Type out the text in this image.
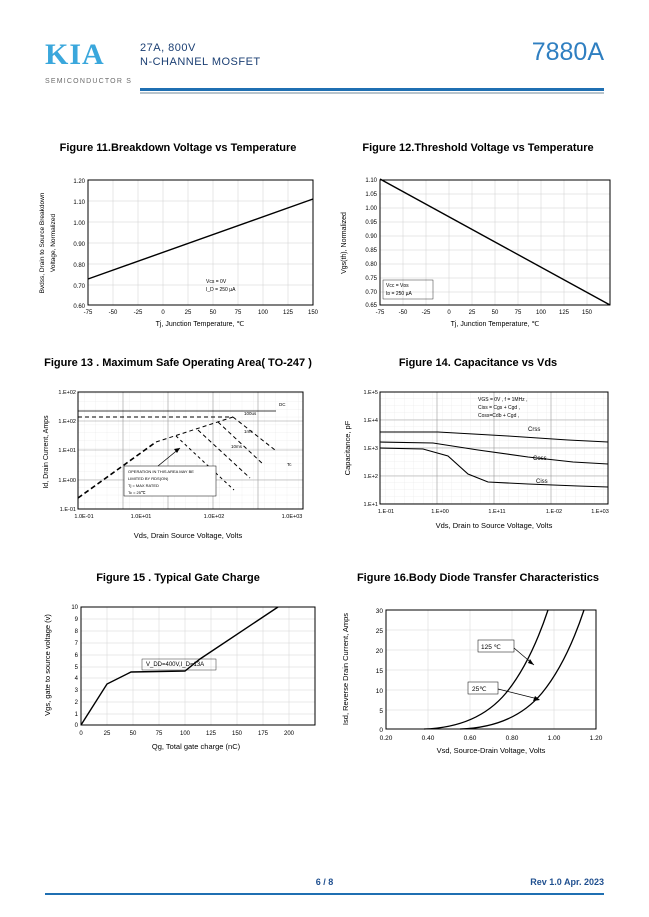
KIA
SEMICONDUCTOR S
27A, 800V
N-CHANNEL MOSFET	7880A
Figure 11.Breakdown Voltage vs Temperature
1.20
1.10
1.00
0.90
0.80
0.70
0.60
-75	-50	-25	0	25	50	75	100 125 150
Tj, Junction Temperature, ℃
Bvdss, Drain to Source Breakdown Voltage, Normalized
Vᴄs = 0V
I_D = 250 µA
Figure 12.Threshold Voltage vs Temperature
1.10
1.05
1.00
0.95
0.90
0.85
0.80
0.75
0.70
0.65
-75 -50 -25	0	25	50	75 100 125 150
Tj, Junction Temperature, ℃
Vgs(th), Normalized
Vᴄᴄ = Vᴅs
Iᴅ = 250 µA
Figure 13 . Maximum Safe Operating Area( TO-247 )
1.E+02
1.E+02
1.E+01
1.E+00
1.E-01
1.0E-01	1.0E+01	1.0E+02	1.0E+03
Vds, Drain Source Voltage, Volts
Id, Drain Current, Amps
100us
1ms
10ms
DC
Tc
OPERATION IN THIS AREA MAY BE
LIMITED BY RDS(ON)
Tj = MAX RATED
Tc = 25℃
Figure 14. Capacitance vs Vds
1.E+5
1.E+4
1.E+3
1.E+2
1.E+1
1.E-01	1.E+00	1.E+11	1.E-02	1.E+03
Vds, Drain to Source Voltage, Volts
Capacitance, pF
VGS = 0V , f = 1MHz ,
Ciss = Cgs + Cgd ,
Coss=Cdb + Cgd ,
Crss
Coss
Ciss
Figure 15 . Typical Gate Charge
10
9
8
7
6
5
4
3
2
1
0
0	25	50	75	100	125	150	175	200
Qg, Total gate charge (nC)
Vgs, gate to source voltage (v)	V_DD=400V,I_D=13A
Figure 16.Body Diode Transfer Characteristics
30
25
20
15
10
5
0
0.20	0.40	0.60	0.80	1.00	1.20
Vsd, Source-Drain Voltage, Volts
Isd, Reverse Drain Current, Amps	125 ℃
25℃
6 / 8	Rev 1.0 Apr. 2023
